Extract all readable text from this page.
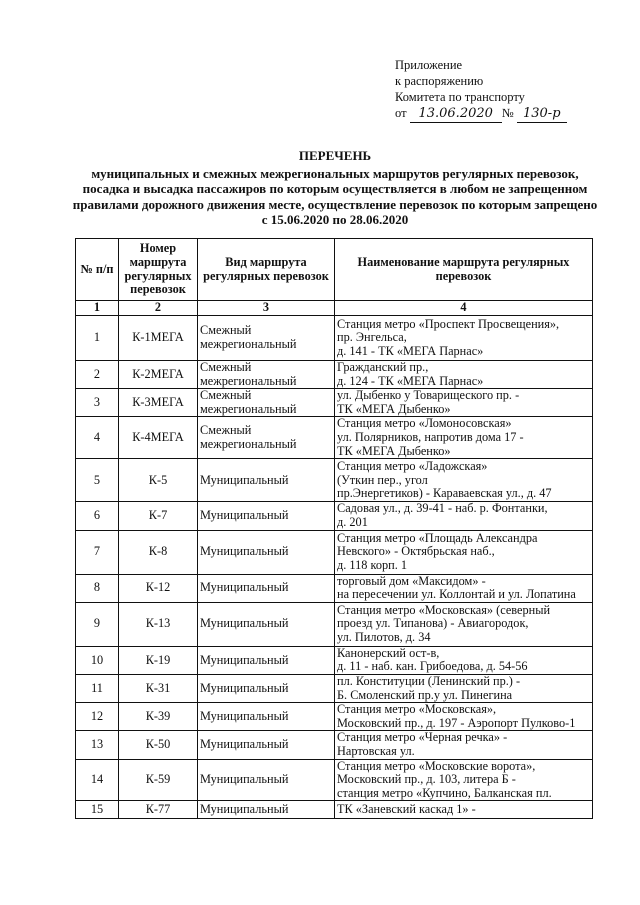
Приложение
к распоряжению
Комитета по транспорту
от 13.06.2020 № 130-р
ПЕРЕЧЕНЬ
муниципальных и смежных межрегиональных маршрутов регулярных перевозок, посадка и высадка пассажиров по которым осуществляется в любом не запрещенном правилами дорожного движения месте, осуществление перевозок по которым запрещено с 15.06.2020 по 28.06.2020
№ п/п	Номер маршрута регулярных перевозок	Вид маршрута регулярных перевозок	Наименование маршрута регулярных перевозок
1	2	3	4
1	К-1МЕГА	Смежный межрегиональный	Станция метро «Проспект Просвещения»,
пр. Энгельса,
д. 141 - ТК «МЕГА Парнас»

2	К-2МЕГА	Смежный межрегиональный	Гражданский пр.,
д. 124 - ТК «МЕГА Парнас»

3	К-3МЕГА	Смежный межрегиональный	ул. Дыбенко у Товарищеского пр. -
ТК «МЕГА Дыбенко»

4	К-4МЕГА	Смежный межрегиональный	Станция метро «Ломоносовская»
ул. Полярников, напротив дома 17 -
ТК «МЕГА Дыбенко»

5	К-5	Муниципальный	Станция метро «Ладожская»
(Уткин пер., угол
пр.Энергетиков) - Караваевская ул., д. 47

6	К-7	Муниципальный	Садовая ул., д. 39-41 - наб. р. Фонтанки,
д. 201

7	К-8	Муниципальный	Станция метро «Площадь Александра
Невского» - Октябрьская наб.,
д. 118 корп. 1

8	К-12	Муниципальный	торговый дом «Максидом» -
на пересечении ул. Коллонтай и ул. Лопатина

9	К-13	Муниципальный	Станция метро «Московская» (северный
проезд ул. Типанова) - Авиагородок,
ул. Пилотов, д. 34

10	К-19	Муниципальный	Канонерский ост-в,
д. 11 - наб. кан. Грибоедова, д. 54-56

11	К-31	Муниципальный	пл. Конституции (Ленинский пр.) -
Б. Смоленский пр.у ул. Пинегина

12	К-39	Муниципальный	Станция метро «Московская»,
Московский пр., д. 197 - Аэропорт Пулково-1

13	К-50	Муниципальный	Станция метро «Черная речка» -
Нартовская ул.

14	К-59	Муниципальный	Станция метро «Московские ворота»,
Московский пр., д. 103, литера Б -
станция метро «Купчино, Балканская пл.

15	К-77	Муниципальный	ТК «Заневский каскад 1» -
